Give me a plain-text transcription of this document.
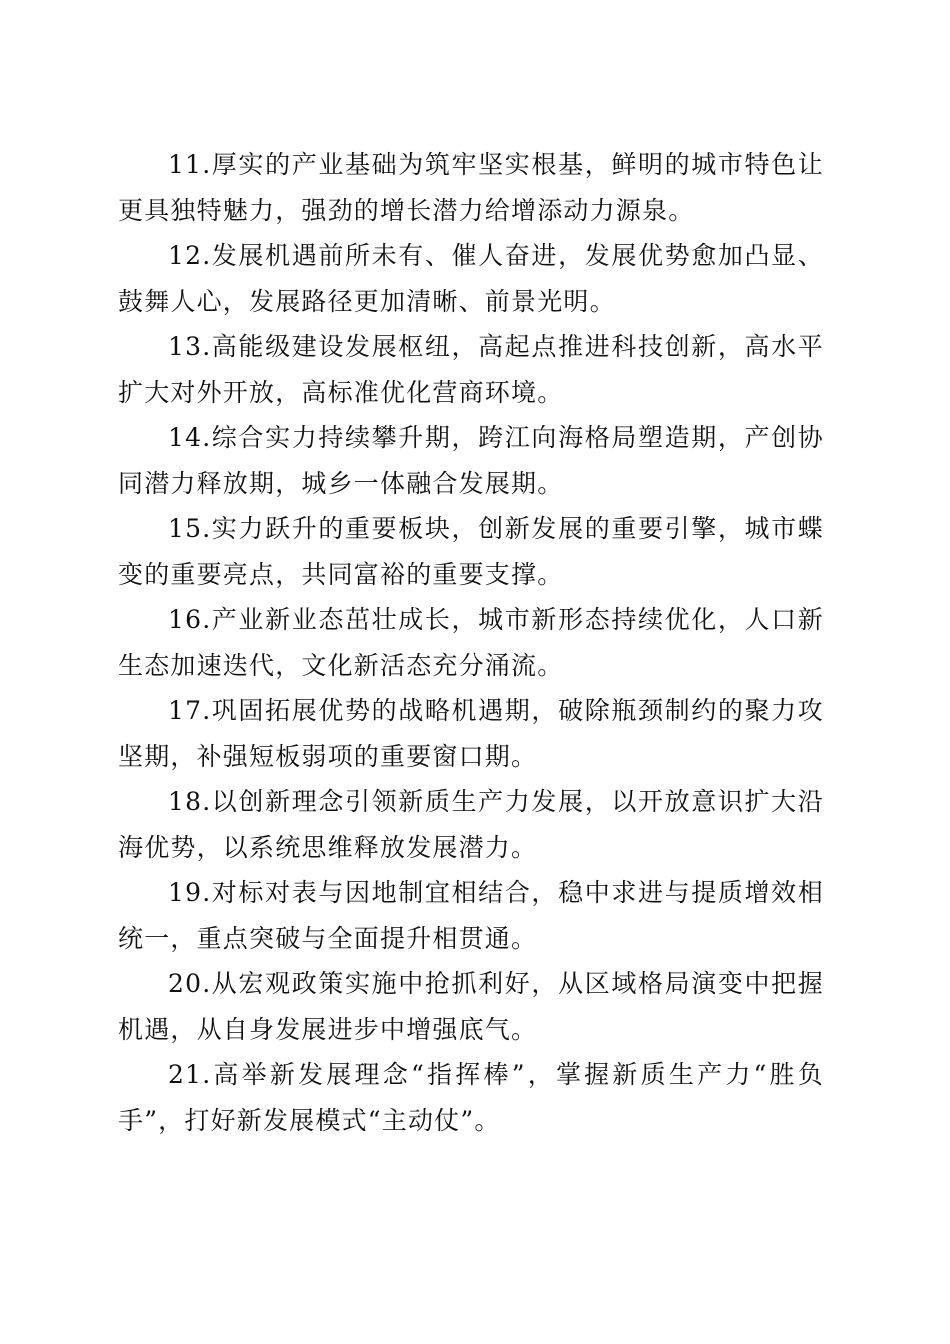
11.厚实的产业基础为筑牢坚实根基，鲜明的城市特色让更具独特魅力，强劲的增长潜力给增添动力源泉。

12.发展机遇前所未有、催人奋进，发展优势愈加凸显、鼓舞人心，发展路径更加清晰、前景光明。

13.高能级建设发展枢纽，高起点推进科技创新，高水平扩大对外开放，高标准优化营商环境。

14.综合实力持续攀升期，跨江向海格局塑造期，产创协同潜力释放期，城乡一体融合发展期。

15.实力跃升的重要板块，创新发展的重要引擎，城市蝶变的重要亮点，共同富裕的重要支撑。

16.产业新业态茁壮成长，城市新形态持续优化，人口新生态加速迭代，文化新活态充分涌流。

17.巩固拓展优势的战略机遇期，破除瓶颈制约的聚力攻坚期，补强短板弱项的重要窗口期。

18.以创新理念引领新质生产力发展，以开放意识扩大沿海优势，以系统思维释放发展潜力。

19.对标对表与因地制宜相结合，稳中求进与提质增效相统一，重点突破与全面提升相贯通。

20.从宏观政策实施中抢抓利好，从区域格局演变中把握机遇，从自身发展进步中增强底气。

21.高举新发展理念“指挥棒”，掌握新质生产力“胜负手”，打好新发展模式“主动仗”。
